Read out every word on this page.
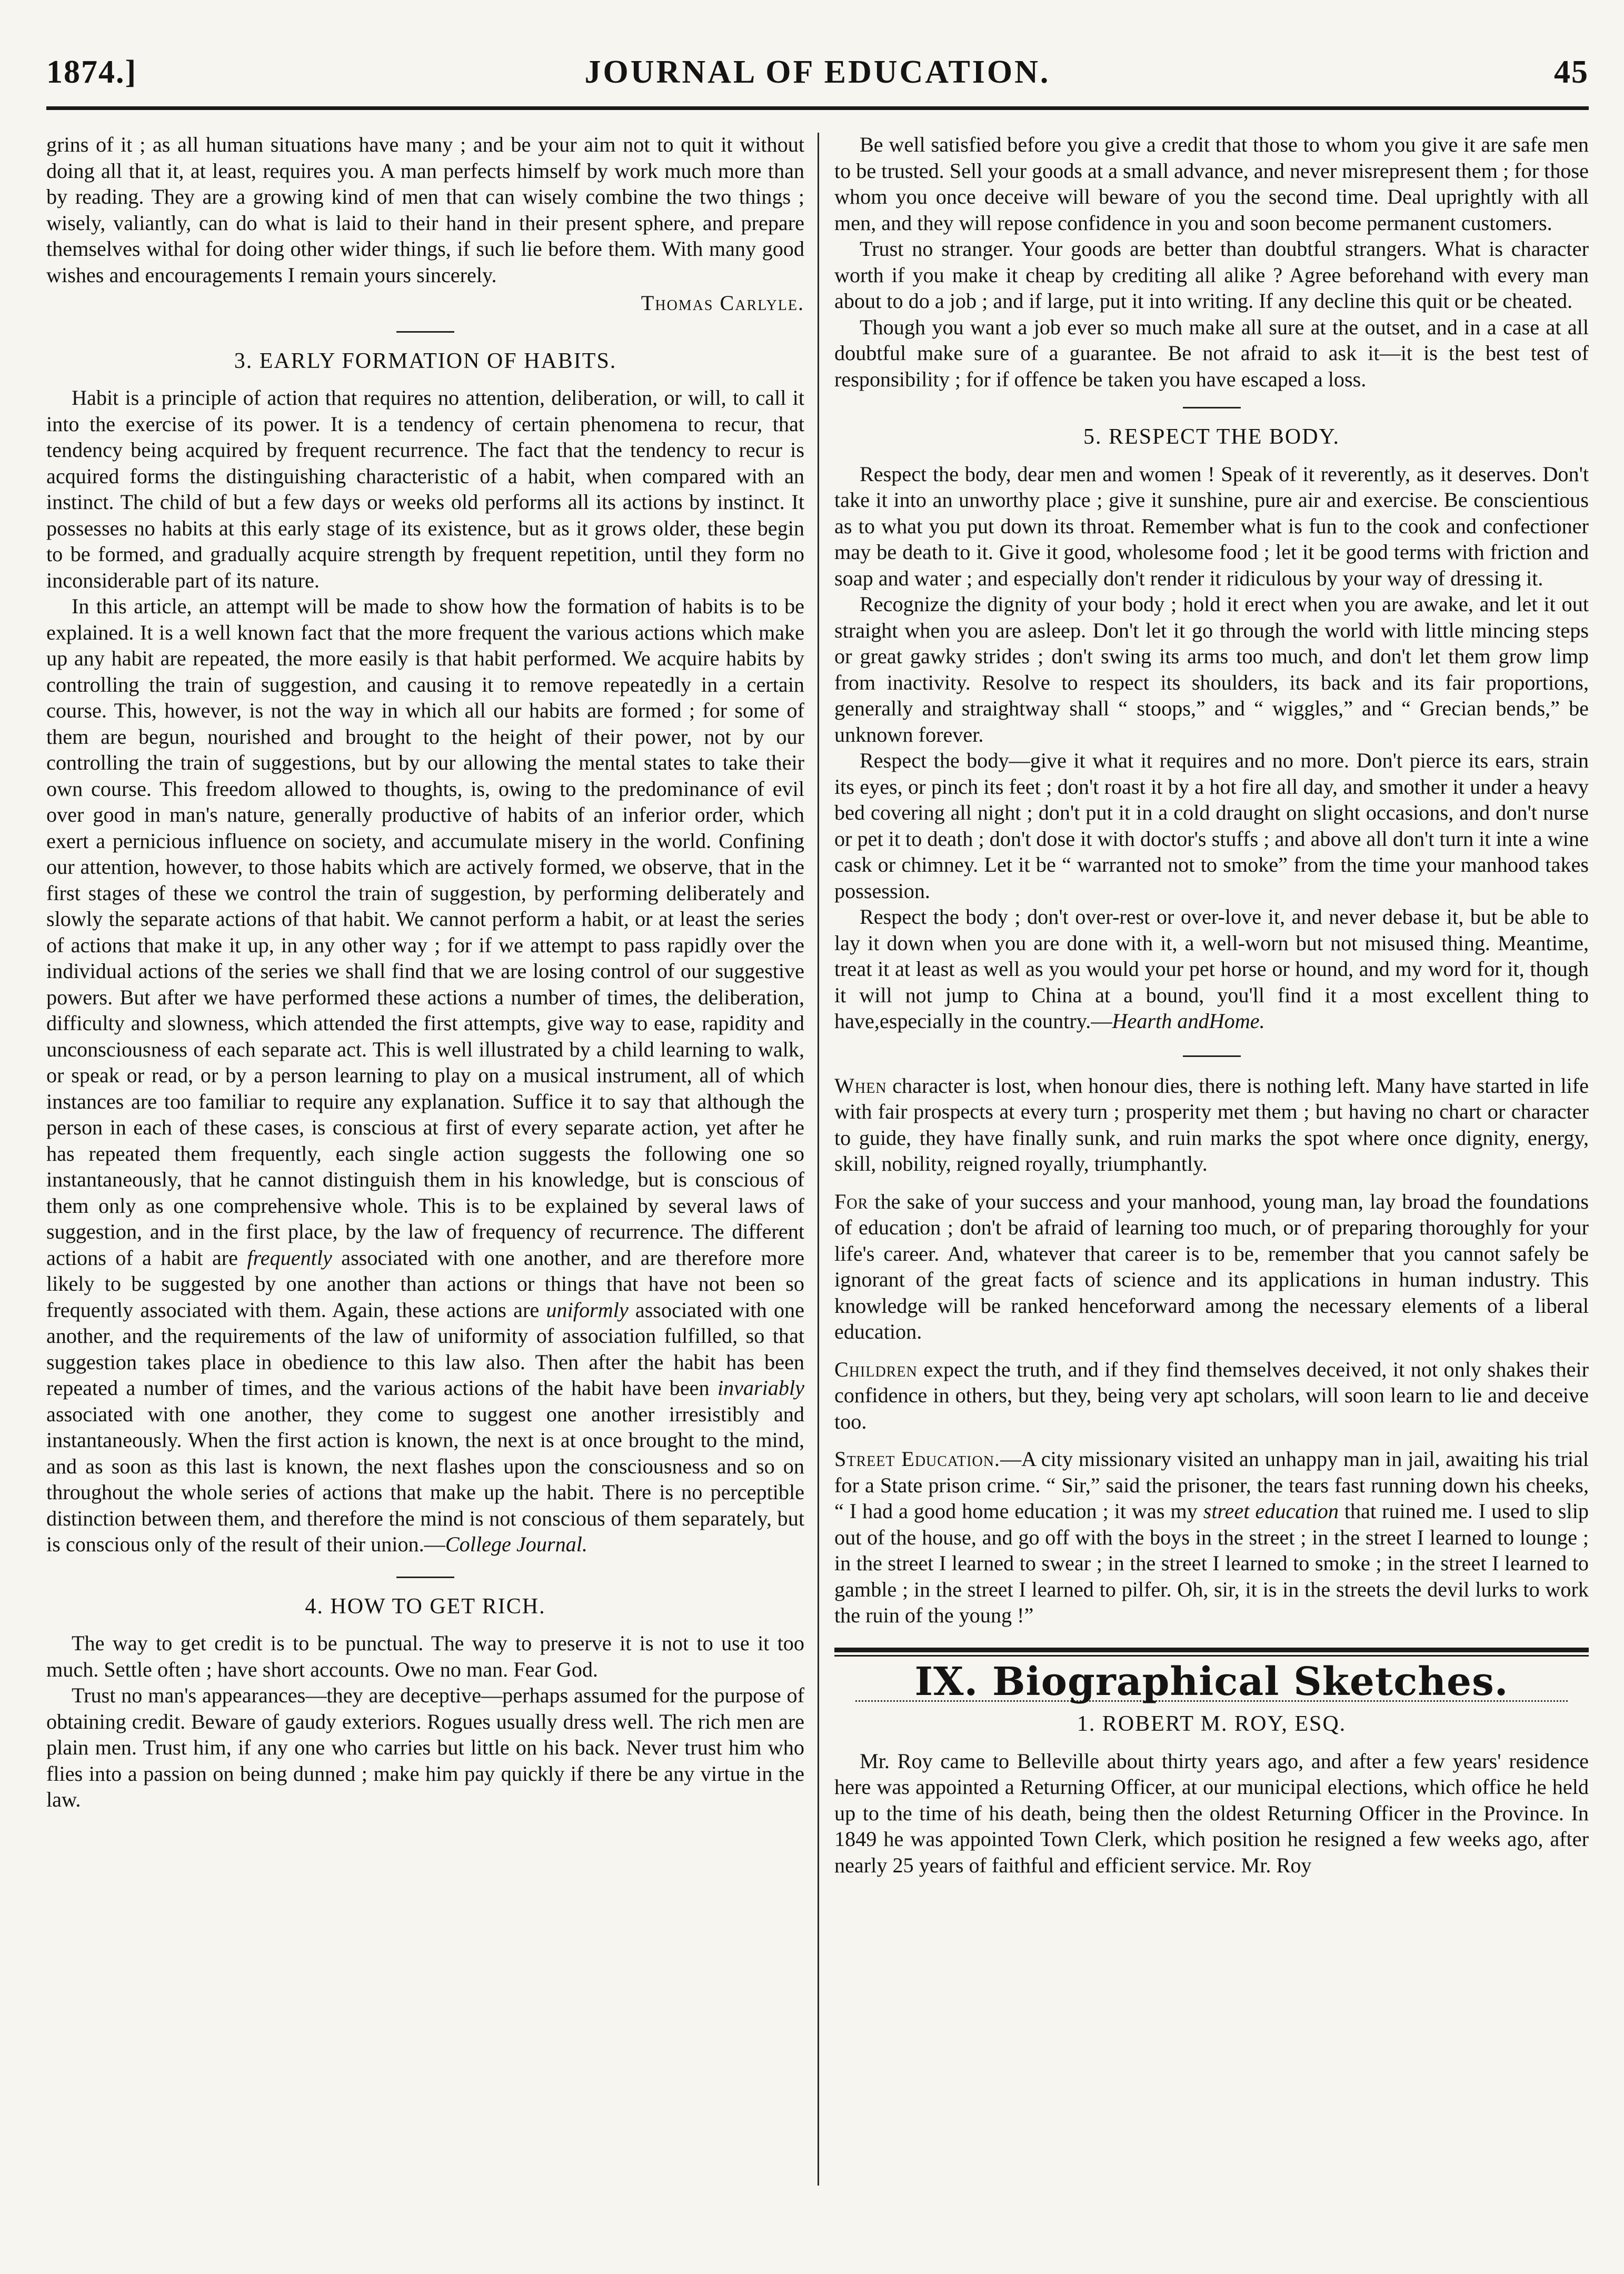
1874.]	JOURNAL OF EDUCATION.	45

grins of it ; as all human situations have many ; and be your aim not to quit it without doing all that it, at least, requires you. A man perfects himself by work much more than by reading. They are a growing kind of men that can wisely combine the two things ; wisely, valiantly, can do what is laid to their hand in their present sphere, and prepare themselves withal for doing other wider things, if such lie before them. With many good wishes and encouragements I remain yours sincerely.

Thomas Carlyle.
3. EARLY FORMATION OF HABITS.

Habit is a principle of action that requires no attention, deliberation, or will, to call it into the exercise of its power. It is a tendency of certain phenomena to recur, that tendency being acquired by frequent recurrence. The fact that the tendency to recur is acquired forms the distinguishing characteristic of a habit, when compared with an instinct. The child of but a few days or weeks old performs all its actions by instinct. It possesses no habits at this early stage of its existence, but as it grows older, these begin to be formed, and gradually acquire strength by frequent repetition, until they form no inconsiderable part of its nature.

In this article, an attempt will be made to show how the formation of habits is to be explained. It is a well known fact that the more frequent the various actions which make up any habit are repeated, the more easily is that habit performed. We acquire habits by controlling the train of suggestion, and causing it to remove repeatedly in a certain course. This, however, is not the way in which all our habits are formed ; for some of them are begun, nourished and brought to the height of their power, not by our controlling the train of suggestions, but by our allowing the mental states to take their own course. This freedom allowed to thoughts, is, owing to the predominance of evil over good in man's nature, generally productive of habits of an inferior order, which exert a pernicious influence on society, and accumulate misery in the world. Confining our attention, however, to those habits which are actively formed, we observe, that in the first stages of these we control the train of suggestion, by performing deliberately and slowly the separate actions of that habit. We cannot perform a habit, or at least the series of actions that make it up, in any other way ; for if we attempt to pass rapidly over the individual actions of the series we shall find that we are losing control of our suggestive powers. But after we have performed these actions a number of times, the deliberation, difficulty and slowness, which attended the first attempts, give way to ease, rapidity and unconsciousness of each separate act. This is well illustrated by a child learning to walk, or speak or read, or by a person learning to play on a musical instrument, all of which instances are too familiar to require any explanation. Suffice it to say that although the person in each of these cases, is conscious at first of every separate action, yet after he has repeated them frequently, each single action suggests the following one so instantaneously, that he cannot distinguish them in his knowledge, but is conscious of them only as one comprehensive whole. This is to be explained by several laws of suggestion, and in the first place, by the law of frequency of recurrence. The different actions of a habit are frequently associated with one another, and are therefore more likely to be suggested by one another than actions or things that have not been so frequently associated with them. Again, these actions are uniformly associated with one another, and the requirements of the law of uniformity of association fulfilled, so that suggestion takes place in obedience to this law also. Then after the habit has been repeated a number of times, and the various actions of the habit have been invariably associated with one another, they come to suggest one another irresistibly and instantaneously. When the first action is known, the next is at once brought to the mind, and as soon as this last is known, the next flashes upon the consciousness and so on throughout the whole series of actions that make up the habit. There is no perceptible distinction between them, and therefore the mind is not conscious of them separately, but is conscious only of the result of their union.—College Journal.

4. HOW TO GET RICH.

The way to get credit is to be punctual. The way to preserve it is not to use it too much. Settle often ; have short accounts. Owe no man. Fear God.

Trust no man's appearances—they are deceptive—perhaps assumed for the purpose of obtaining credit. Beware of gaudy exteriors. Rogues usually dress well. The rich men are plain men. Trust him, if any one who carries but little on his back. Never trust him who flies into a passion on being dunned ; make him pay quickly if there be any virtue in the law.

Be well satisfied before you give a credit that those to whom you give it are safe men to be trusted. Sell your goods at a small advance, and never misrepresent them ; for those whom you once deceive will beware of you the second time. Deal uprightly with all men, and they will repose confidence in you and soon become permanent customers.

Trust no stranger. Your goods are better than doubtful strangers. What is character worth if you make it cheap by crediting all alike ? Agree beforehand with every man about to do a job ; and if large, put it into writing. If any decline this quit or be cheated.

Though you want a job ever so much make all sure at the outset, and in a case at all doubtful make sure of a guarantee. Be not afraid to ask it—it is the best test of responsibility ; for if offence be taken you have escaped a loss.

5. RESPECT THE BODY.

Respect the body, dear men and women ! Speak of it reverently, as it deserves. Don't take it into an unworthy place ; give it sunshine, pure air and exercise. Be conscientious as to what you put down its throat. Remember what is fun to the cook and confectioner may be death to it. Give it good, wholesome food ; let it be good terms with friction and soap and water ; and especially don't render it ridiculous by your way of dressing it.

Recognize the dignity of your body ; hold it erect when you are awake, and let it out straight when you are asleep. Don't let it go through the world with little mincing steps or great gawky strides ; don't swing its arms too much, and don't let them grow limp from inactivity. Resolve to respect its shoulders, its back and its fair proportions, generally and straightway shall “ stoops,” and “ wiggles,” and “ Grecian bends,” be unknown forever.

Respect the body—give it what it requires and no more. Don't pierce its ears, strain its eyes, or pinch its feet ; don't roast it by a hot fire all day, and smother it under a heavy bed covering all night ; don't put it in a cold draught on slight occasions, and don't nurse or pet it to death ; don't dose it with doctor's stuffs ; and above all don't turn it inte a wine cask or chimney. Let it be “ warranted not to smoke” from the time your manhood takes possession.

Respect the body ; don't over-rest or over-love it, and never debase it, but be able to lay it down when you are done with it, a well-worn but not misused thing. Meantime, treat it at least as well as you would your pet horse or hound, and my word for it, though it will not jump to China at a bound, you'll find it a most excellent thing to have,especially in the country.—Hearth andHome.

When character is lost, when honour dies, there is nothing left. Many have started in life with fair prospects at every turn ; prosperity met them ; but having no chart or character to guide, they have finally sunk, and ruin marks the spot where once dignity, energy, skill, nobility, reigned royally, triumphantly.

For the sake of your success and your manhood, young man, lay broad the foundations of education ; don't be afraid of learning too much, or of preparing thoroughly for your life's career. And, whatever that career is to be, remember that you cannot safely be ignorant of the great facts of science and its applications in human industry. This knowledge will be ranked henceforward among the necessary elements of a liberal education.

Children expect the truth, and if they find themselves deceived, it not only shakes their confidence in others, but they, being very apt scholars, will soon learn to lie and deceive too.

Street Education.—A city missionary visited an unhappy man in jail, awaiting his trial for a State prison crime. “ Sir,” said the prisoner, the tears fast running down his cheeks, “ I had a good home education ; it was my street education that ruined me. I used to slip out of the house, and go off with the boys in the street ; in the street I learned to lounge ; in the street I learned to swear ; in the street I learned to smoke ; in the street I learned to gamble ; in the street I learned to pilfer. Oh, sir, it is in the streets the devil lurks to work the ruin of the young !”

IX. Biographical Sketches.
1. ROBERT M. ROY, ESQ.

Mr. Roy came to Belleville about thirty years ago, and after a few years' residence here was appointed a Returning Officer, at our municipal elections, which office he held up to the time of his death, being then the oldest Returning Officer in the Province. In 1849 he was appointed Town Clerk, which position he resigned a few weeks ago, after nearly 25 years of faithful and efficient service. Mr. Roy
